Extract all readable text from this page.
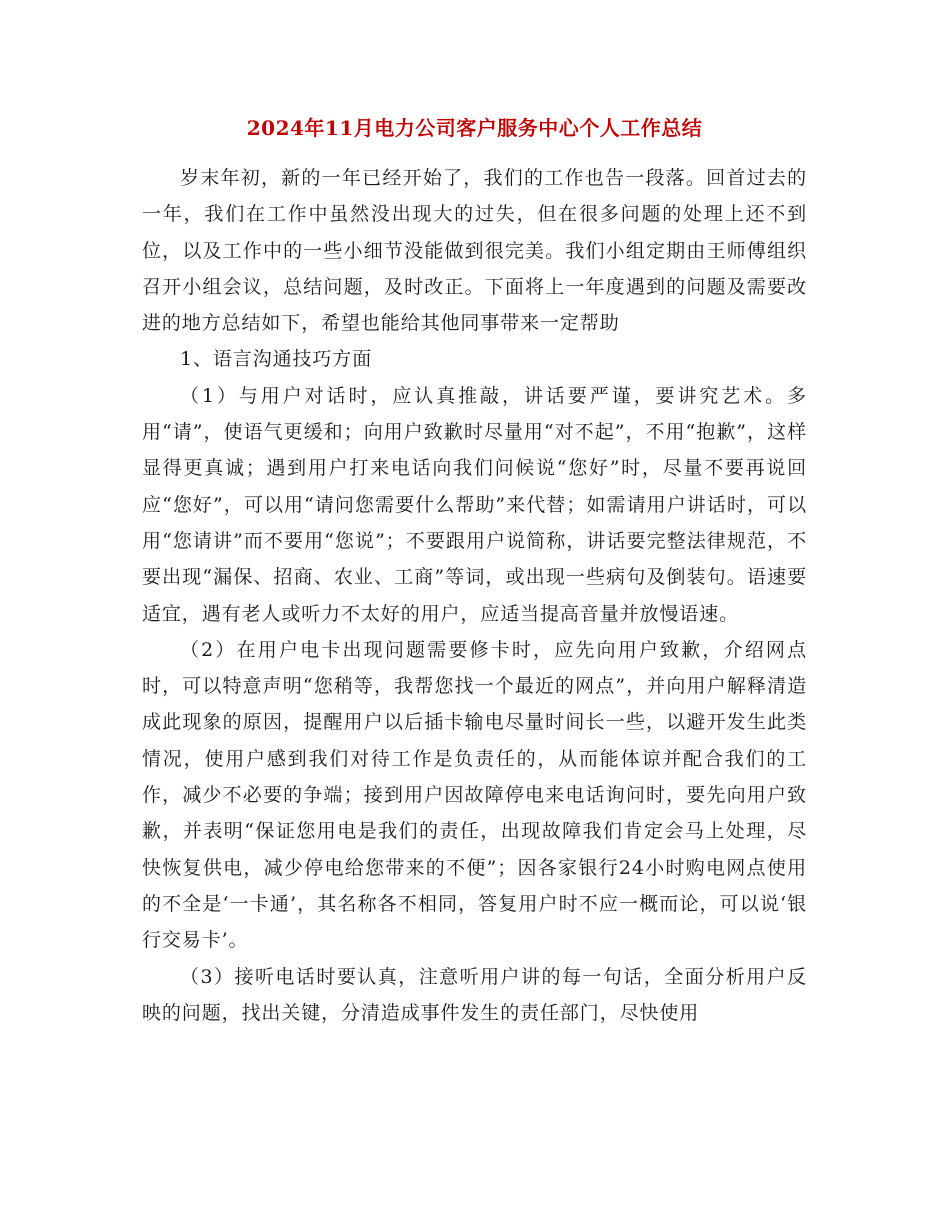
2024年11月电力公司客户服务中心个人工作总结

岁末年初，新的一年已经开始了，我们的工作也告一段落。回首过去的一年，我们在工作中虽然没出现大的过失，但在很多问题的处理上还不到位，以及工作中的一些小细节没能做到很完美。我们小组定期由王师傅组织召开小组会议，总结问题，及时改正。下面将上一年度遇到的问题及需要改进的地方总结如下，希望也能给其他同事带来一定帮助

1、语言沟通技巧方面

（1）与用户对话时，应认真推敲，讲话要严谨，要讲究艺术。多用“请”，使语气更缓和；向用户致歉时尽量用“对不起”，不用“抱歉”，这样显得更真诚；遇到用户打来电话向我们问候说“您好”时，尽量不要再说回应“您好”，可以用“请问您需要什么帮助”来代替；如需请用户讲话时，可以用“您请讲”而不要用“您说”；不要跟用户说简称，讲话要完整法律规范，不要出现“漏保、招商、农业、工商”等词，或出现一些病句及倒装句。语速要适宜，遇有老人或听力不太好的用户，应适当提高音量并放慢语速。

（2）在用户电卡出现问题需要修卡时，应先向用户致歉，介绍网点时，可以特意声明“您稍等，我帮您找一个最近的网点”，并向用户解释清造成此现象的原因，提醒用户以后插卡输电尽量时间长一些，以避开发生此类情况，使用户感到我们对待工作是负责任的，从而能体谅并配合我们的工作，减少不必要的争端；接到用户因故障停电来电话询问时，要先向用户致歉，并表明“保证您用电是我们的责任，出现故障我们肯定会马上处理，尽快恢复供电，减少停电给您带来的不便”；因各家银行24小时购电网点使用的不全是‘一卡通’，其名称各不相同，答复用户时不应一概而论，可以说‘银行交易卡’。

（3）接听电话时要认真，注意听用户讲的每一句话，全面分析用户反映的问题，找出关键，分清造成事件发生的责任部门，尽快使用
